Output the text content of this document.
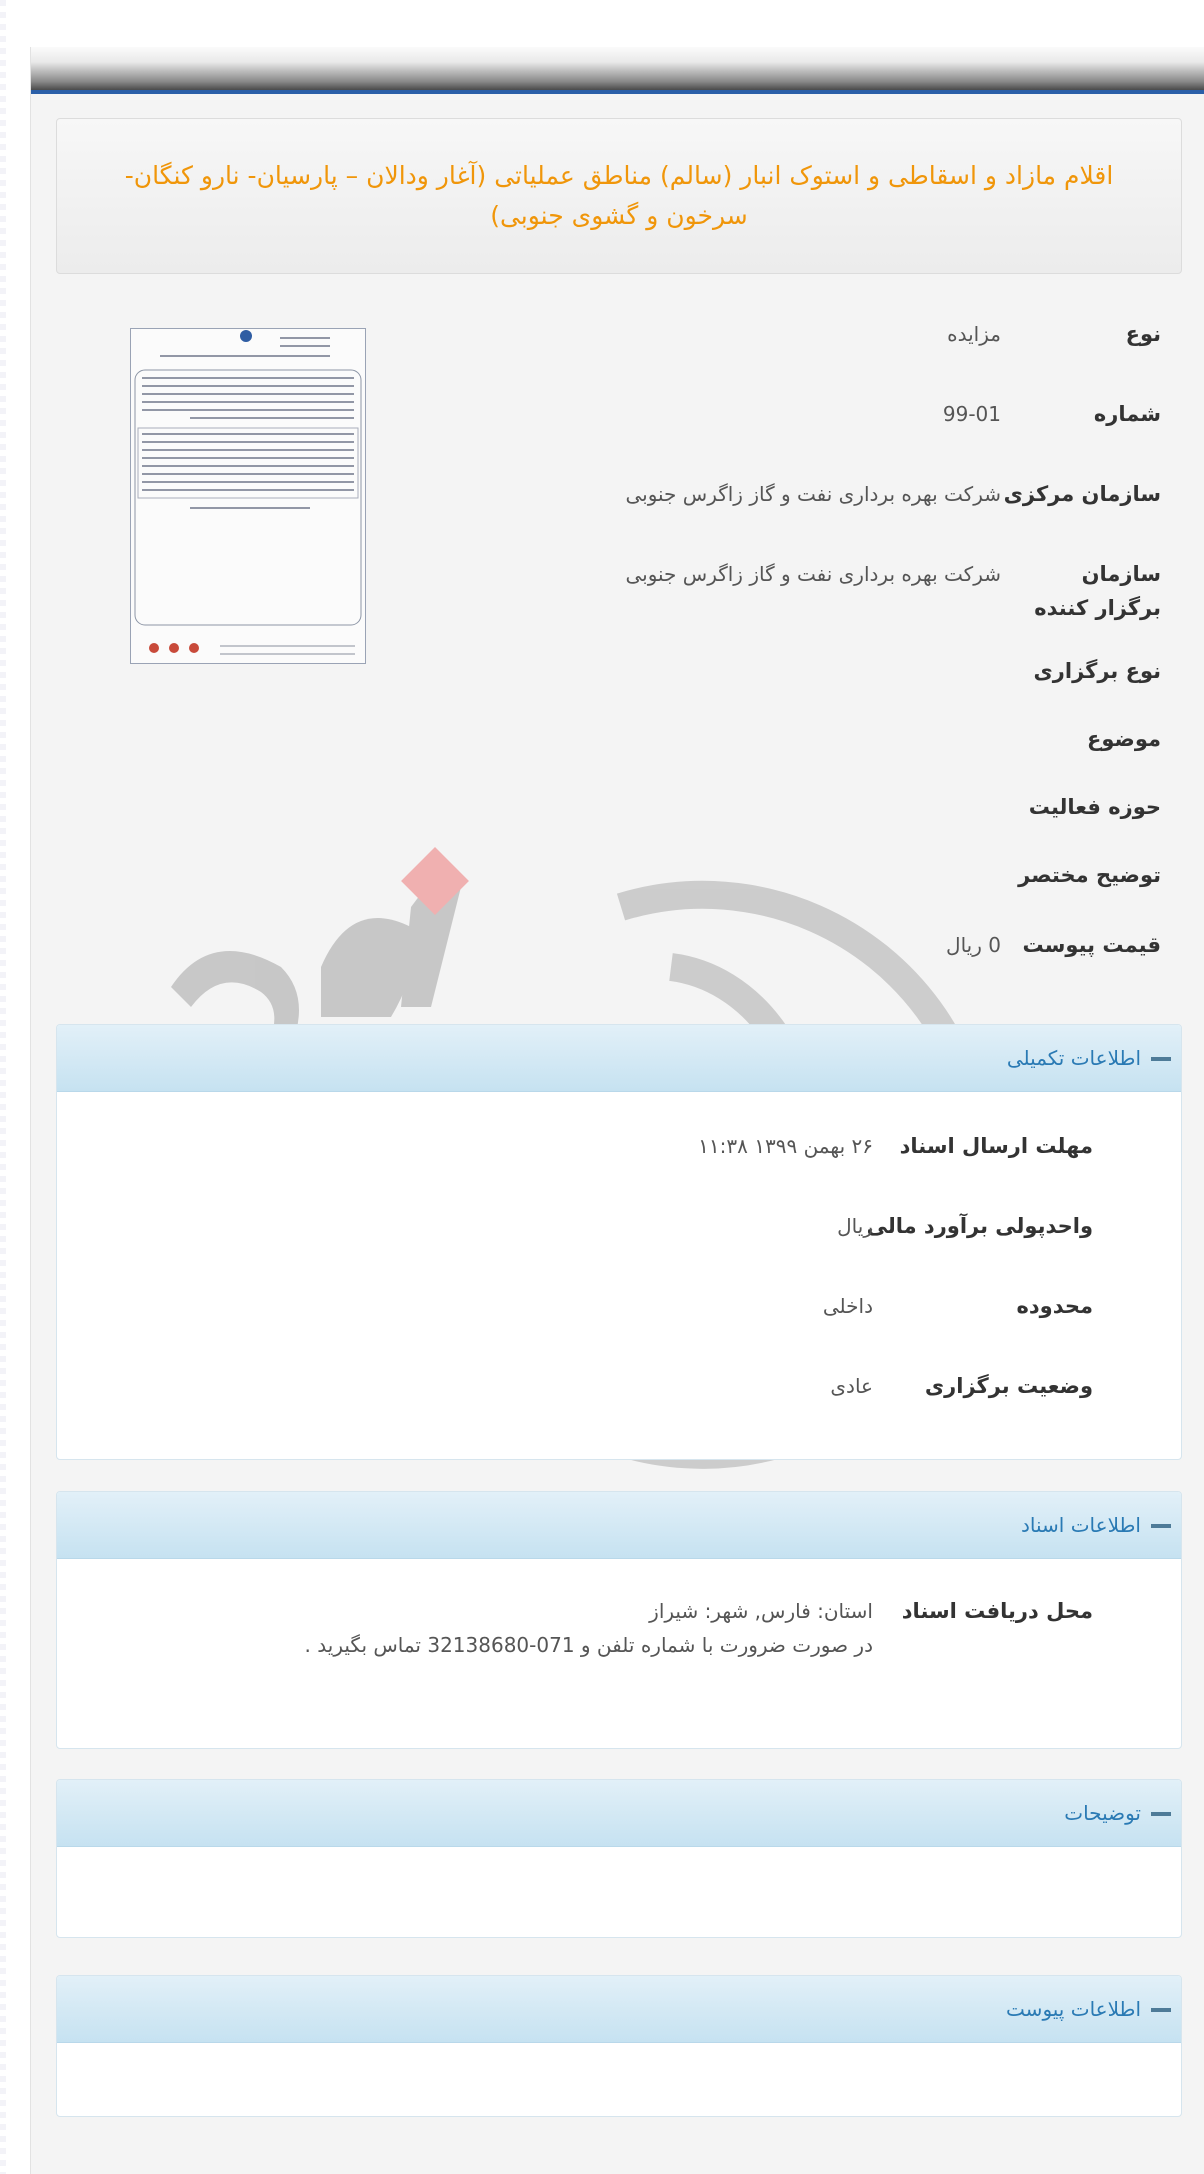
اقلام مازاد و اسقاطی و استوک انبار (سالم) مناطق عملیاتی (آغار ودالان – پارسیان- نارو کنگان- سرخون و گشوی جنوبی)
نوع
مزایده
شماره
99-01
سازمان مرکزی
شرکت بهره برداری نفت و گاز زاگرس جنوبی
سازمان برگزار کننده
شرکت بهره برداری نفت و گاز زاگرس جنوبی
نوع برگزاری
موضوع
حوزه فعالیت
توضیح مختصر
قیمت پیوست
0 ریال
اطلاعات تکمیلی
مهلت ارسال اسناد
۲۶ بهمن ۱۳۹۹ ۱۱:۳۸
واحدپولی برآورد مالی
ریال
محدوده
داخلی
وضعیت برگزاری
عادی
اطلاعات اسناد
محل دریافت اسناد
استان: فارس, شهر: شیراز
در صورت ضرورت با شماره تلفن و 071-32138680 تماس بگیرید .
توضیحات
اطلاعات پیوست
